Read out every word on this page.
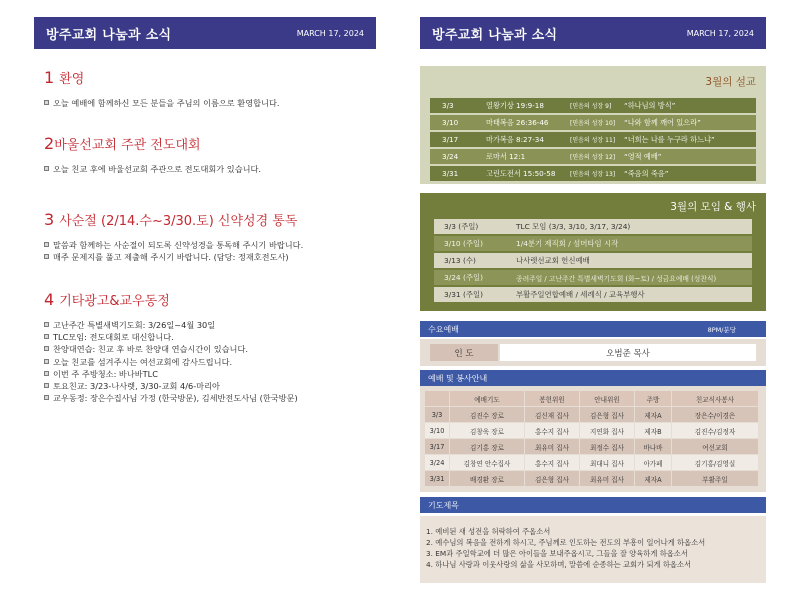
방주교회 나눔과 소식	MARCH 17, 2024
1 환영
오늘 예배에 함께하신 모든 분들을 주님의 이름으로 환영합니다.
2바울선교회 주관 전도대회
오늘 친교 후에 바울선교회 주관으로 전도대회가 있습니다.
3 사순절 (2/14.수~3/30.토) 신약성경 통독
말씀과 함께하는 사순절이 되도록 신약성경을 통독해 주시기 바랍니다.
매주 문제지를 풀고 제출해 주시기 바랍니다. (담당: 정재호전도사)
4 기타광고&교우동정
고난주간 특별새벽기도회: 3/26일~4월 30일
TLC모임: 전도대회로 대신합니다.
찬양대연습: 친교 후 바로 찬양대 연습시간이 있습니다.
오늘 친교를 섬겨주시는 여선교회에 감사드립니다.
이번 주 주방청소: 바나바TLC
토요친교: 3/23-나사렛, 3/30-교회 4/6-마리아
교우동정: 장은수집사님 가정 (한국방문), 김세반전도사님 (한국방문)
방주교회 나눔과 소식	MARCH 17, 2024
3월의 설교
3/3	열왕기상 19:9-18	[믿음의 성장 9] “하나님의 방식”
3/10	마태복음 26:36-46	[믿음의 성장 10] “나와 함께 깨어 있으라”
3/17	마가복음 8:27-34	[믿음의 성장 11] “너희는 나를 누구라 하느냐”
3/24	로마서 12:1	[믿음의 성장 12] “영적 예배”
3/31	고린도전서 15:50-58 [믿음의 성장 13] “죽음의 죽음”
3월의 모임 & 행사
3/3 (주일)	TLC 모임 (3/3, 3/10, 3/17, 3/24)
3/10 (주일)	1/4분기 제직회 / 섬머타임 시작
3/13 (수)	나사렛선교회 헌신예배
3/24 (주일)	종려주일 / 고난주간 특별새벽기도회 (화~토) / 성금요예배 (성찬식)
3/31 (주일)	부활주일연합예배 / 세례식 / 교육부행사
수요예배	8PM/분당
인 도	오범준 목사
예배 및 봉사안내
	예배기도	봉헌위원	안내위원	주방	친교식사봉사
3/3	김진수 장로	김신재 집사	김은형 집사	제자A	장은수/이경은
3/10	김창욱 장로	홍수지 집사	지연화 집사	제자B	김진수/김정자
3/17	김기홍 장로	최유미 집사	최정수 집사	바나바	여선교회
3/24	김창연 안수집사	홍수지 집사	최대니 집사	아가페	김기홍/김영실
3/31	배경환 장로	김은형 집사	최유미 집사	제자A	부활주일
기도제목
1. 예비된 새 성전을 허락하여 주옵소서
2. 예수님의 복음을 전하게 하시고, 주님께로 인도하는 전도의 부흥이 일어나게 하옵소서
3. EM과 주일학교에 더 많은 아이들을 보내주옵시고, 그들을 잘 양육하게 하옵소서
4. 하나님 사랑과 이웃사랑의 삶을 사모하며, 말씀에 순종하는 교회가 되게 하옵소서
